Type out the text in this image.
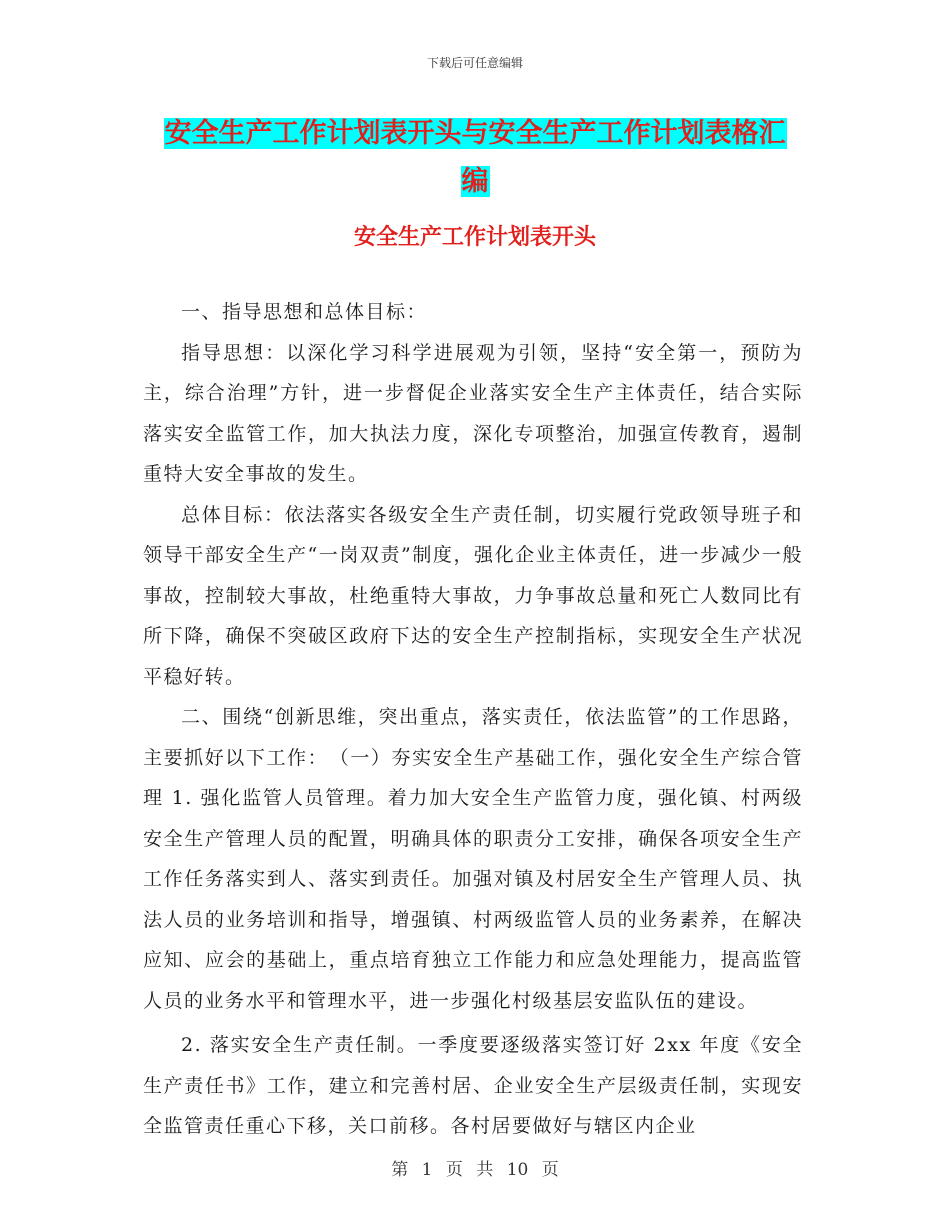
下载后可任意编辑
安全生产工作计划表开头与安全生产工作计划表格汇
编
安全生产工作计划表开头

一、指导思想和总体目标：

指导思想：以深化学习科学进展观为引领，坚持“安全第一，预防为主，综合治理”方针，进一步督促企业落实安全生产主体责任，结合实际落实安全监管工作，加大执法力度，深化专项整治，加强宣传教育，遏制重特大安全事故的发生。

总体目标：依法落实各级安全生产责任制，切实履行党政领导班子和领导干部安全生产“一岗双责”制度，强化企业主体责任，进一步减少一般事故，控制较大事故，杜绝重特大事故，力争事故总量和死亡人数同比有所下降，确保不突破区政府下达的安全生产控制指标，实现安全生产状况平稳好转。

二、围绕“创新思维，突出重点，落实责任，依法监管”的工作思路，主要抓好以下工作：　（一）夯实安全生产基础工作，强化安全生产综合管理 1. 强化监管人员管理。着力加大安全生产监管力度，强化镇、村两级安全生产管理人员的配置，明确具体的职责分工安排，确保各项安全生产工作任务落实到人、落实到责任。加强对镇及村居安全生产管理人员、执法人员的业务培训和指导，增强镇、村两级监管人员的业务素养，在解决应知、应会的基础上，重点培育独立工作能力和应急处理能力，提高监管人员的业务水平和管理水平，进一步强化村级基层安监队伍的建设。

2. 落实安全生产责任制。一季度要逐级落实签订好 2xx 年度《安全生产责任书》工作，建立和完善村居、企业安全生产层级责任制，实现安全监管责任重心下移，关口前移。各村居要做好与辖区内企业

第 1 页 共 10 页
